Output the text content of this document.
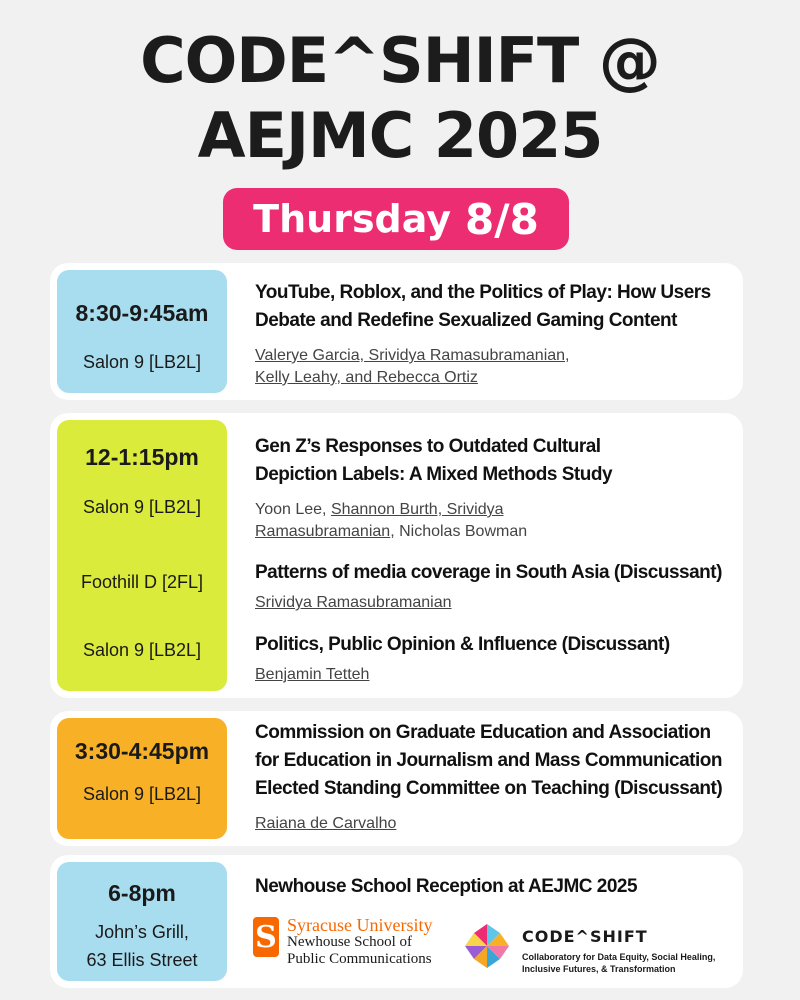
CODE^SHIFT @
AEJMC 2025
Thursday 8/8
8:30-9:45am
Salon 9 [LB2L]
YouTube, Roblox, and the Politics of Play: How Users
Debate and Redefine Sexualized Gaming Content
Valerye Garcia, Srividya Ramasubramanian,
Kelly Leahy, and Rebecca Ortiz
12-1:15pm
Salon 9 [LB2L]
Foothill D [2FL]
Salon 9 [LB2L]
Gen Z’s Responses to Outdated Cultural
Depiction Labels: A Mixed Methods Study
Yoon Lee, Shannon Burth, Srividya
Ramasubramanian, Nicholas Bowman
Patterns of media coverage in South Asia (Discussant)
Srividya Ramasubramanian
Politics, Public Opinion & Influence (Discussant)
Benjamin Tetteh
3:30-4:45pm
Salon 9 [LB2L]
Commission on Graduate Education and Association
for Education in Journalism and Mass Communication
Elected Standing Committee on Teaching (Discussant)
Raiana de Carvalho
6-8pm
John’s Grill,
63 Ellis Street
Newhouse School Reception at AEJMC 2025
S Syracuse University
Newhouse School of
Public Communications
CODE^SHIFT
Collaboratory for Data Equity, Social Healing,
Inclusive Futures, & Transformation
